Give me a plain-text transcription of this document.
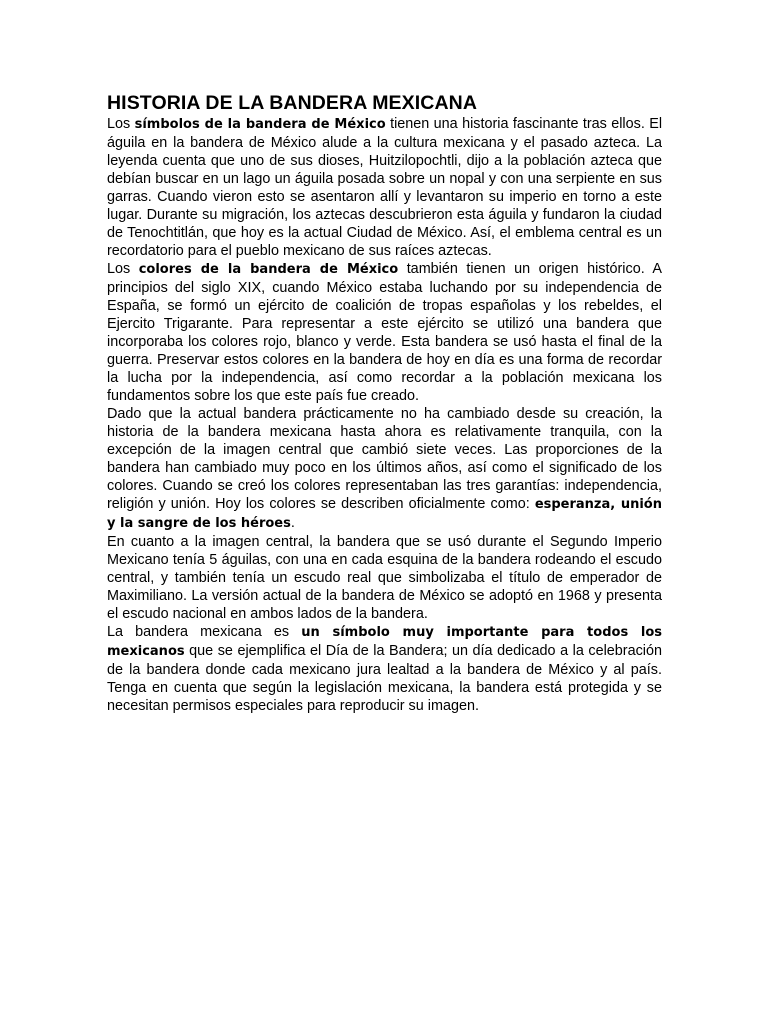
HISTORIA DE LA BANDERA MEXICANA

Los símbolos de la bandera de México tienen una historia fascinante tras ellos. El águila en la bandera de México alude a la cultura mexicana y el pasado azteca. La leyenda cuenta que uno de sus dioses, Huitzilopochtli, dijo a la población azteca que debían buscar en un lago un águila posada sobre un nopal y con una serpiente en sus garras. Cuando vieron esto se asentaron allí y levantaron su imperio en torno a este lugar. Durante su migración, los aztecas descubrieron esta águila y fundaron la ciudad de Tenochtitlán, que hoy es la actual Ciudad de México. Así, el emblema central es un recordatorio para el pueblo mexicano de sus raíces aztecas.

Los colores de la bandera de México también tienen un origen histórico. A principios del siglo XIX, cuando México estaba luchando por su independencia de España, se formó un ejército de coalición de tropas españolas y los rebeldes, el Ejercito Trigarante. Para representar a este ejército se utilizó una bandera que incorporaba los colores rojo, blanco y verde. Esta bandera se usó hasta el final de la guerra. Preservar estos colores en la bandera de hoy en día es una forma de recordar la lucha por la independencia, así como recordar a la población mexicana los fundamentos sobre los que este país fue creado.

Dado que la actual bandera prácticamente no ha cambiado desde su creación, la historia de la bandera mexicana hasta ahora es relativamente tranquila, con la excepción de la imagen central que cambió siete veces. Las proporciones de la bandera han cambiado muy poco en los últimos años, así como el significado de los colores. Cuando se creó los colores representaban las tres garantías: independencia, religión y unión. Hoy los colores se describen oficialmente como: esperanza, unión y la sangre de los héroes.

En cuanto a la imagen central, la bandera que se usó durante el Segundo Imperio Mexicano tenía 5 águilas, con una en cada esquina de la bandera rodeando el escudo central, y también tenía un escudo real que simbolizaba el título de emperador de Maximiliano. La versión actual de la bandera de México se adoptó en 1968 y presenta el escudo nacional en ambos lados de la bandera.

La bandera mexicana es un símbolo muy importante para todos los mexicanos que se ejemplifica el Día de la Bandera; un día dedicado a la celebración de la bandera donde cada mexicano jura lealtad a la bandera de México y al país. Tenga en cuenta que según la legislación mexicana, la bandera está protegida y se necesitan permisos especiales para reproducir su imagen.
